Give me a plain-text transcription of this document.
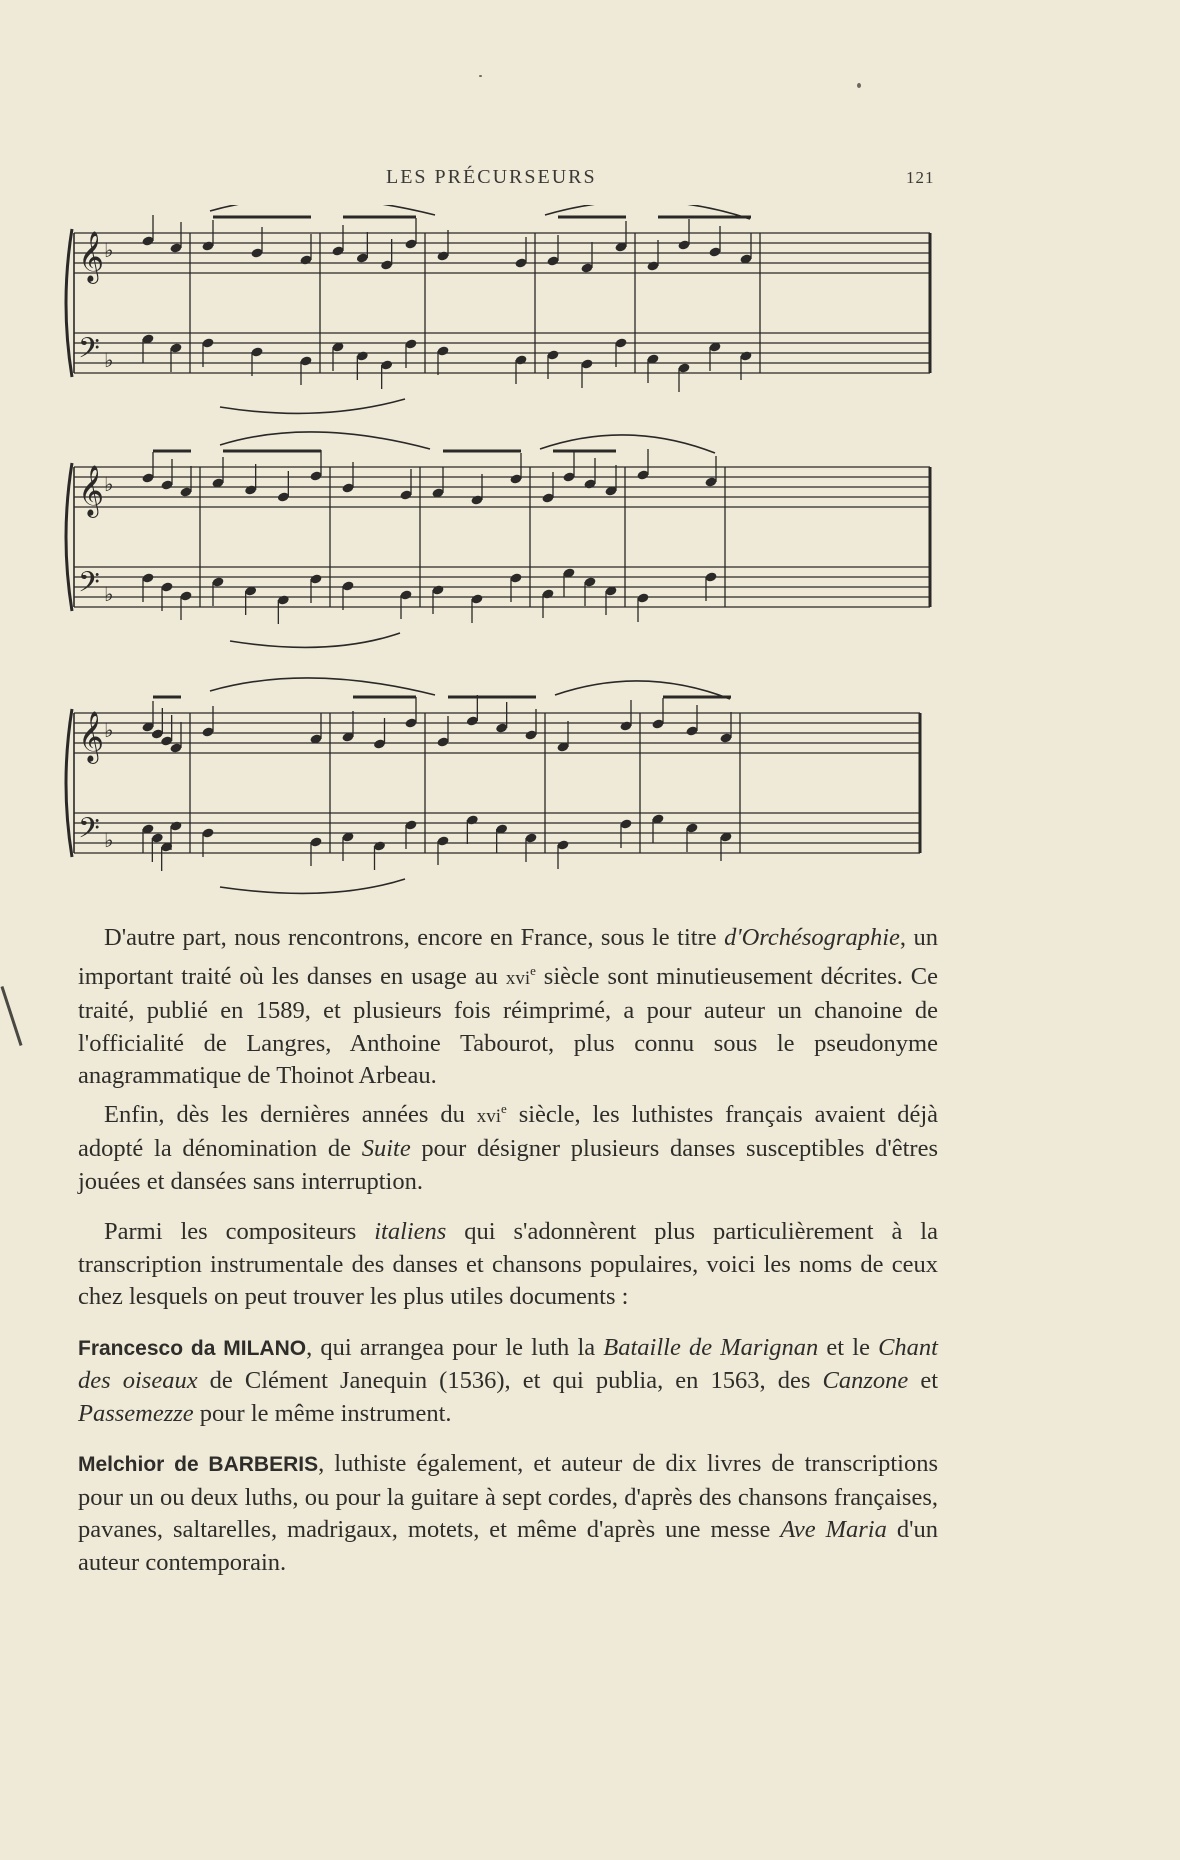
LES PRÉCURSEURS	121
𝄞 ♭
𝄢 ♭
𝄞 ♭
𝄢 ♭
𝄞 ♭
𝄢 ♭

D'autre part, nous rencontrons, encore en France, sous le titre d'Orchésographie, un important traité où les danses en usage au xvi$^e$ siècle sont minutieusement décrites. Ce traité, publié en 1589, et plusieurs fois réimprimé, a pour auteur un chanoine de l'officialité de Langres, Anthoine Tabourot, plus connu sous le pseudonyme anagrammatique de Thoinot Arbeau.

Enfin, dès les dernières années du xvi$^e$ siècle, les luthistes français avaient déjà adopté la dénomination de Suite pour désigner plusieurs danses susceptibles d'êtres jouées et dansées sans interruption.

Parmi les compositeurs italiens qui s'adonnèrent plus particulièrement à la transcription instrumentale des danses et chansons populaires, voici les noms de ceux chez lesquels on peut trouver les plus utiles documents :

Francesco da MILANO, qui arrangea pour le luth la Bataille de Marignan et le Chant des oiseaux de Clément Janequin (1536), et qui publia, en 1563, des Canzone et Passemezze pour le même instrument.

Melchior de BARBERIS, luthiste également, et auteur de dix livres de transcriptions pour un ou deux luths, ou pour la guitare à sept cordes, d'après des chansons françaises, pavanes, saltarelles, madrigaux, motets, et même d'après une messe Ave Maria d'un auteur contemporain.
